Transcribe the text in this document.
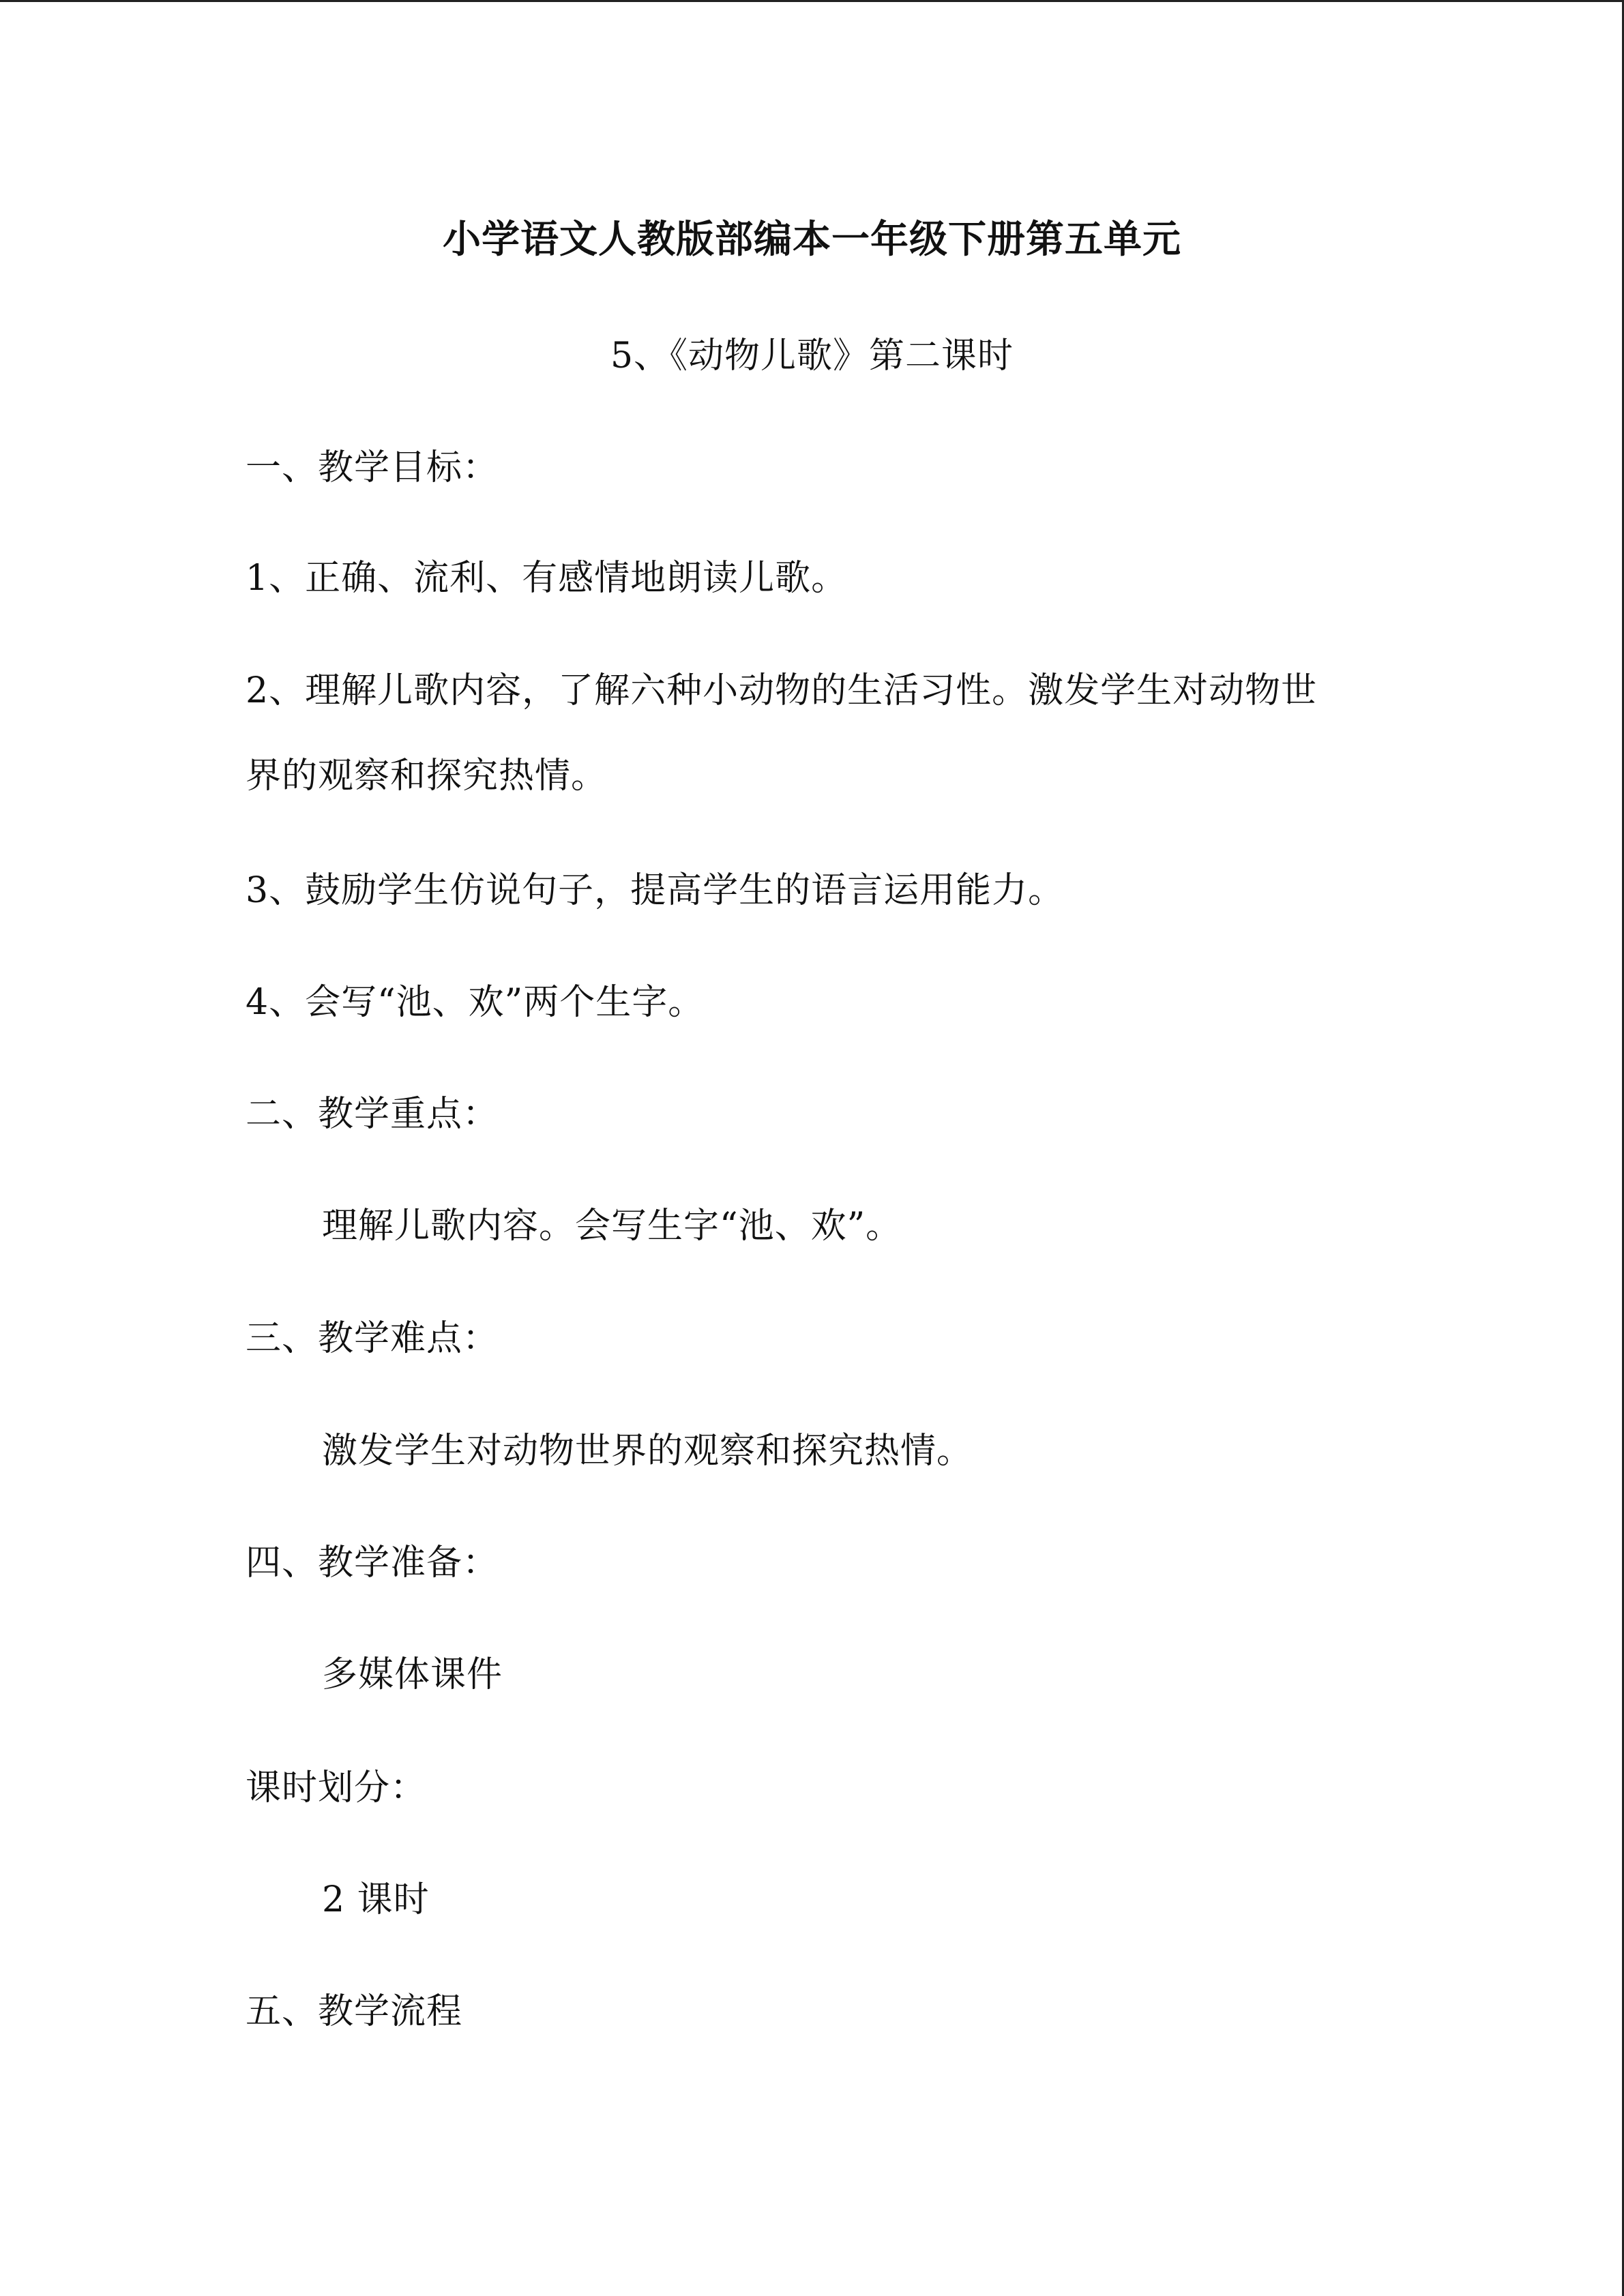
小学语文人教版部编本一年级下册第五单元
5、《动物儿歌》第二课时
一、教学目标：
1、正确、流利、有感情地朗读儿歌。
2、理解儿歌内容，了解六种小动物的生活习性。激发学生对动物世
界的观察和探究热情。
3、鼓励学生仿说句子，提高学生的语言运用能力。
4、会写“池、欢”两个生字。
二、教学重点：
理解儿歌内容。会写生字“池、欢”。
三、教学难点：
激发学生对动物世界的观察和探究热情。
四、教学准备：
多媒体课件
课时划分：
2 课时
五、教学流程
